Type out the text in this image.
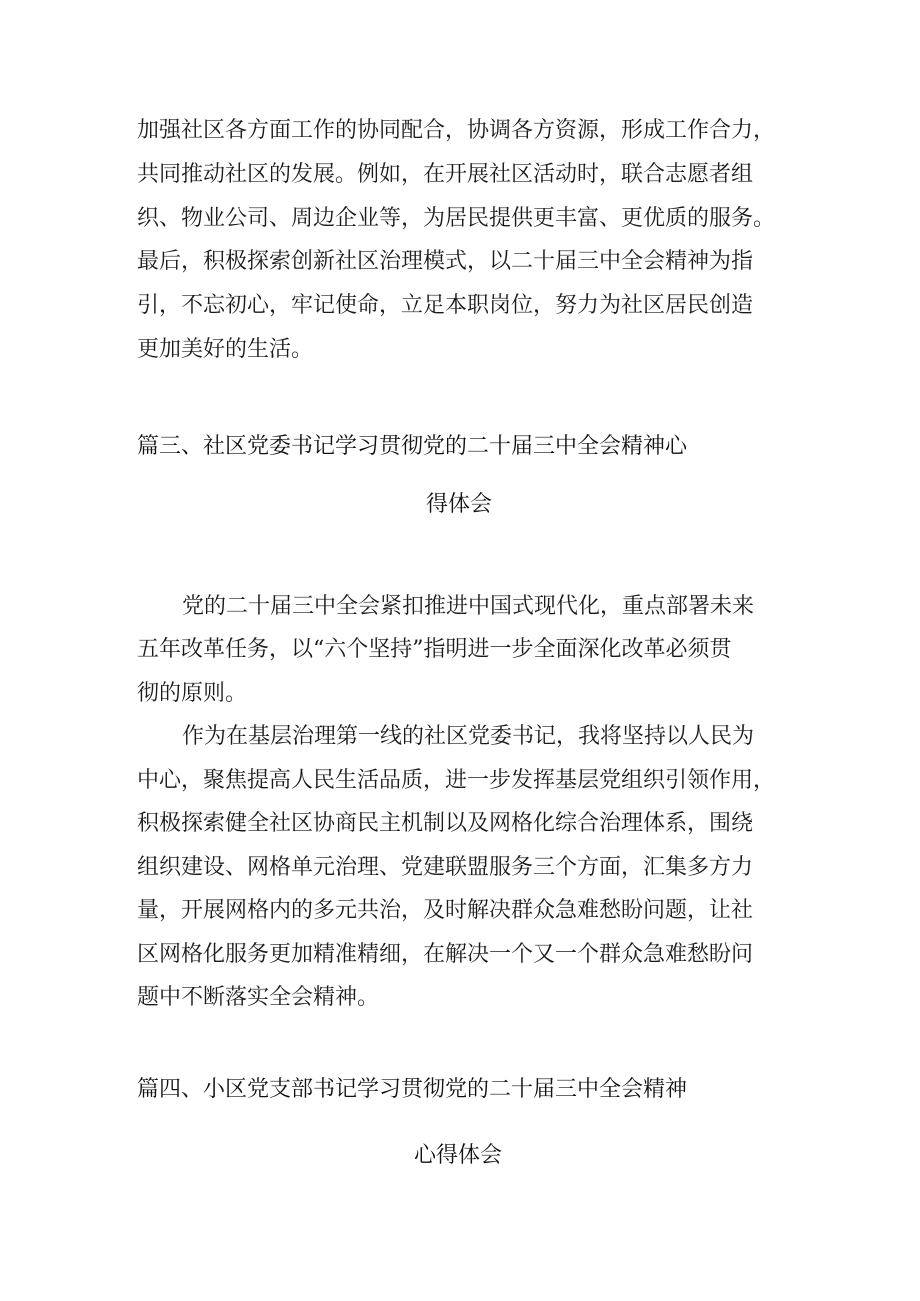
加强社区各方面工作的协同配合，协调各方资源，形成工作合力，
共同推动社区的发展。例如，在开展社区活动时，联合志愿者组
织、物业公司、周边企业等，为居民提供更丰富、更优质的服务。
最后，积极探索创新社区治理模式，以二十届三中全会精神为指
引，不忘初心，牢记使命，立足本职岗位，努力为社区居民创造
更加美好的生活。
篇三、社区党委书记学习贯彻党的二十届三中全会精神心
得体会
党的二十届三中全会紧扣推进中国式现代化，重点部署未来
五年改革任务，以“六个坚持”指明进一步全面深化改革必须贯
彻的原则。
作为在基层治理第一线的社区党委书记，我将坚持以人民为
中心，聚焦提高人民生活品质，进一步发挥基层党组织引领作用，
积极探索健全社区协商民主机制以及网格化综合治理体系，围绕
组织建设、网格单元治理、党建联盟服务三个方面，汇集多方力
量，开展网格内的多元共治，及时解决群众急难愁盼问题，让社
区网格化服务更加精准精细，在解决一个又一个群众急难愁盼问
题中不断落实全会精神。
篇四、小区党支部书记学习贯彻党的二十届三中全会精神
心得体会
